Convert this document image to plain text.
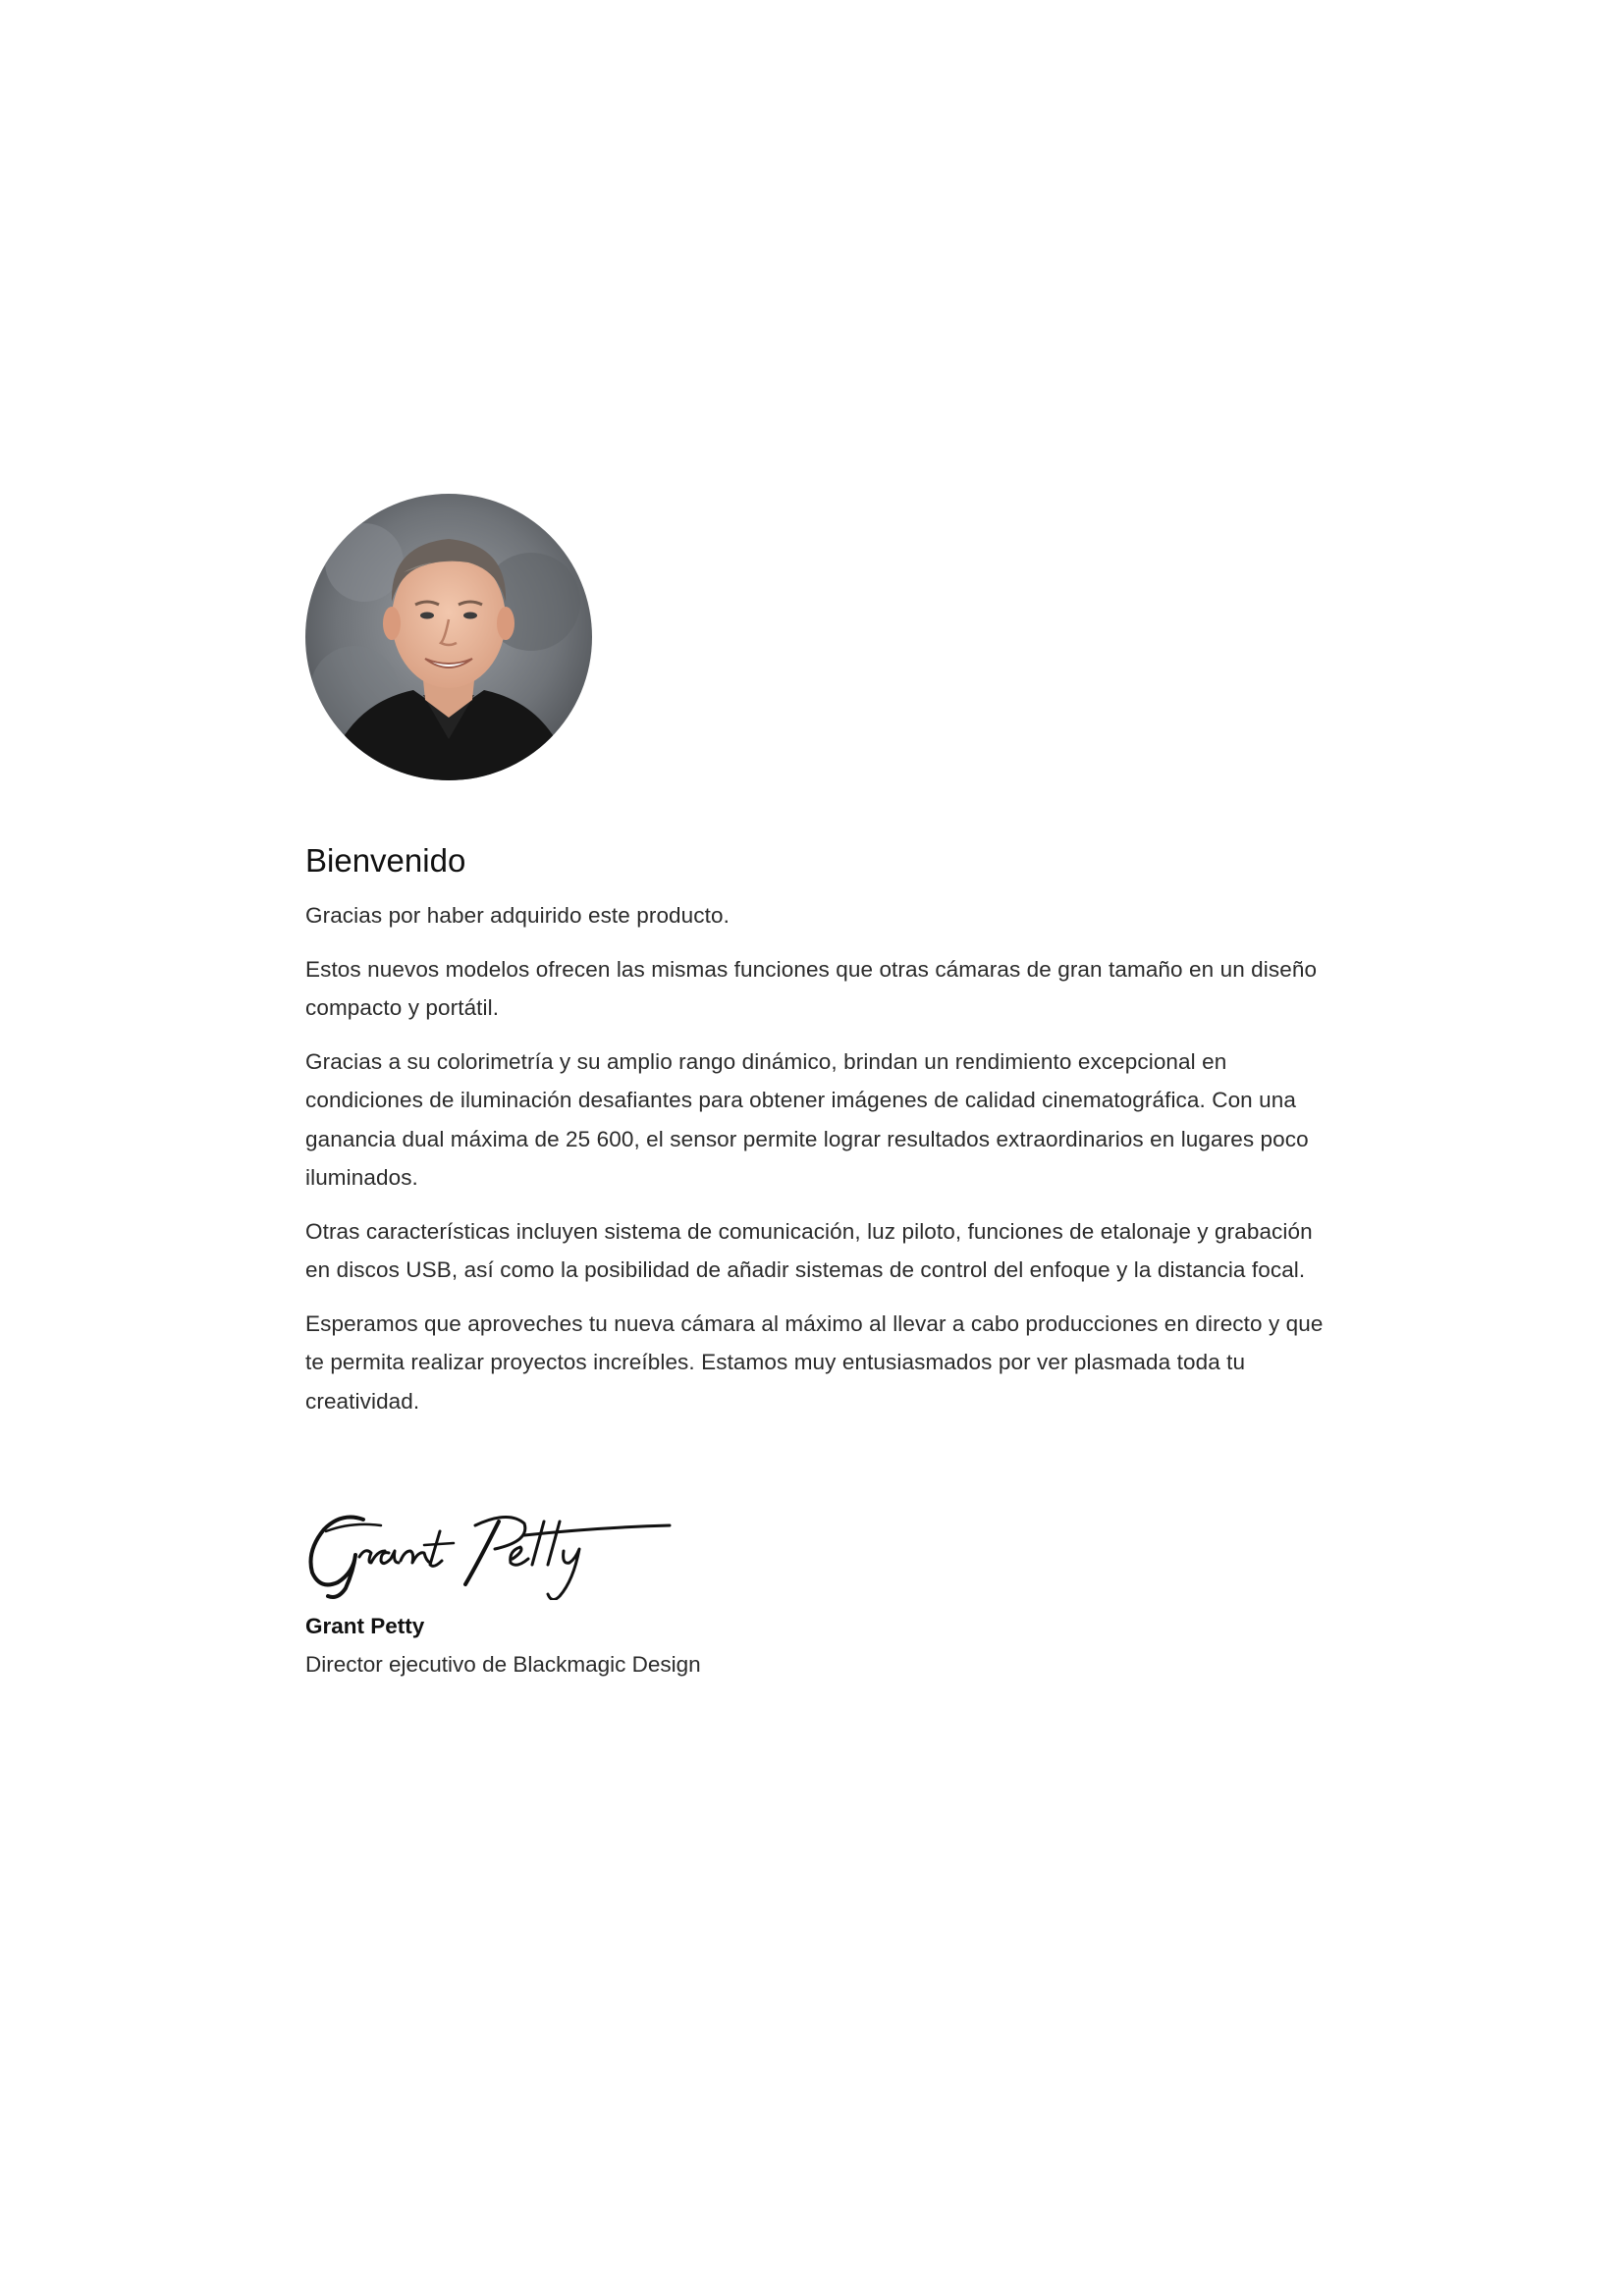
Bienvenido

Gracias por haber adquirido este producto.

Estos nuevos modelos ofrecen las mismas funciones que otras cámaras de gran tamaño en un diseño compacto y portátil.

Gracias a su colorimetría y su amplio rango dinámico, brindan un rendimiento excepcional en condiciones de iluminación desafiantes para obtener imágenes de calidad cinematográfica. Con una ganancia dual máxima de 25 600, el sensor permite lograr resultados extraordinarios en lugares poco iluminados.

Otras características incluyen sistema de comunicación, luz piloto, funciones de etalonaje y grabación en discos USB, así como la posibilidad de añadir sistemas de control del enfoque y la distancia focal.

Esperamos que aproveches tu nueva cámara al máximo al llevar a cabo producciones en directo y que te permita realizar proyectos increíbles. Estamos muy entusiasmados por ver plasmada toda tu creatividad.

Grant Petty
Director ejecutivo de Blackmagic Design
